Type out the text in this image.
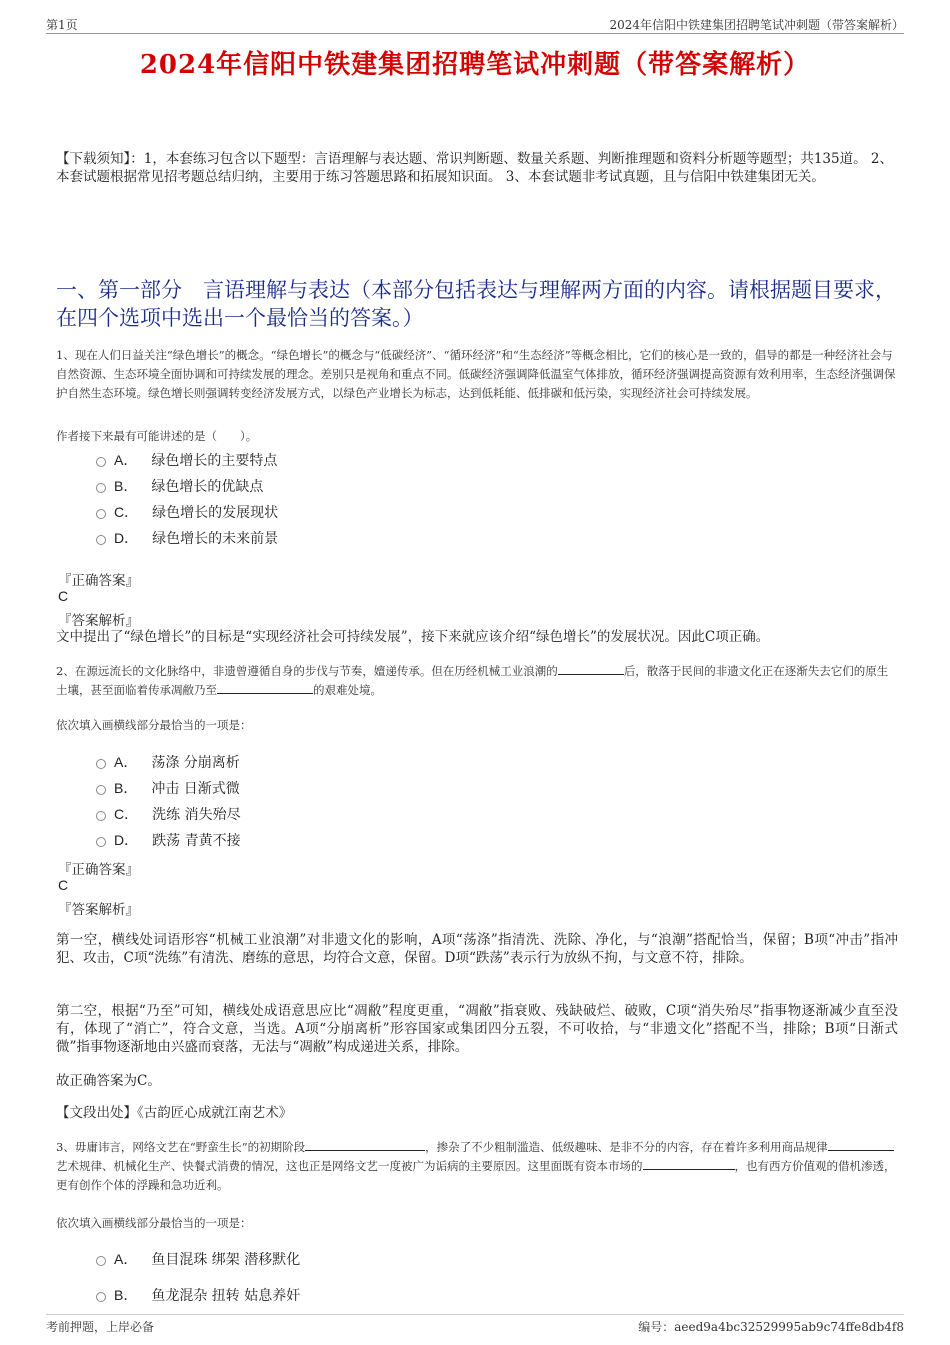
第1页	2024年信阳中铁建集团招聘笔试冲刺题（带答案解析）
2024年信阳中铁建集团招聘笔试冲刺题（带答案解析）
【下载须知】：1，本套练习包含以下题型：言语理解与表达题、常识判断题、数量关系题、判断推理题和资料分析题等题型；共135道。 2、本套试题根据常见招考题总结归纳，主要用于练习答题思路和拓展知识面。 3、本套试题非考试真题，且与信阳中铁建集团无关。
一、第一部分　言语理解与表达（本部分包括表达与理解两方面的内容。请根据题目要求，在四个选项中选出一个最恰当的答案。）
1、现在人们日益关注“绿色增长”的概念。“绿色增长”的概念与“低碳经济”、“循环经济”和“生态经济”等概念相比，它们的核心是一致的，倡导的都是一种经济社会与自然资源、生态环境全面协调和可持续发展的理念。差别只是视角和重点不同。低碳经济强调降低温室气体排放，循环经济强调提高资源有效利用率，生态经济强调保护自然生态环境。绿色增长则强调转变经济发展方式，以绿色产业增长为标志，达到低耗能、低排碳和低污染，实现经济社会可持续发展。
作者接下来最有可能讲述的是（　　）。
A． 绿色增长的主要特点
B． 绿色增长的优缺点
C． 绿色增长的发展现状
D． 绿色增长的未来前景
『正确答案』
C
『答案解析』
文中提出了“绿色增长”的目标是“实现经济社会可持续发展”，接下来就应该介绍“绿色增长”的发展状况。因此C项正确。
2、在源远流长的文化脉络中，非遗曾遵循自身的步伐与节奏，嬗递传承。但在历经机械工业浪潮的	后，散落于民间的非遗文化正在逐渐失去它们的原生土壤，甚至面临着传承凋敝乃至	的艰难处境。
依次填入画横线部分最恰当的一项是：
A． 荡涤 分崩离析
B． 冲击 日渐式微
C． 洗练 消失殆尽
D． 跌荡 青黄不接
『正确答案』
C
『答案解析』
第一空，横线处词语形容“机械工业浪潮”对非遗文化的影响，A项“荡涤”指清洗、洗除、净化，与“浪潮”搭配恰当，保留；B项“冲击”指冲犯、攻击，C项“洗练”有清洗、磨练的意思，均符合文意，保留。D项“跌荡”表示行为放纵不拘，与文意不符，排除。
第二空，根据“乃至”可知，横线处成语意思应比“凋敝”程度更重，“凋敝”指衰败、残缺破烂、破败，C项“消失殆尽”指事物逐渐减少直至没有，体现了“消亡”，符合文意，当选。A项“分崩离析”形容国家或集团四分五裂，不可收拾，与“非遗文化”搭配不当，排除；B项“日渐式微”指事物逐渐地由兴盛而衰落，无法与“凋敝”构成递进关系，排除。
故正确答案为C。
【文段出处】《古韵匠心成就江南艺术》
3、毋庸讳言，网络文艺在“野蛮生长”的初期阶段	，掺杂了不少粗制滥造、低级趣味、是非不分的内容，存在着许多利用商品规律艺术规律、机械化生产、快餐式消费的情况，这也正是网络文艺一度被广为诟病的主要原因。这里面既有资本市场的	，也有西方价值观的借机渗透，更有创作个体的浮躁和急功近利。
依次填入画横线部分最恰当的一项是：
A． 鱼目混珠 绑架 潜移默化
B． 鱼龙混杂 扭转 姑息养奸
考前押题，上岸必备	编号：aeed9a4bc32529995ab9c74ffe8db4f8
